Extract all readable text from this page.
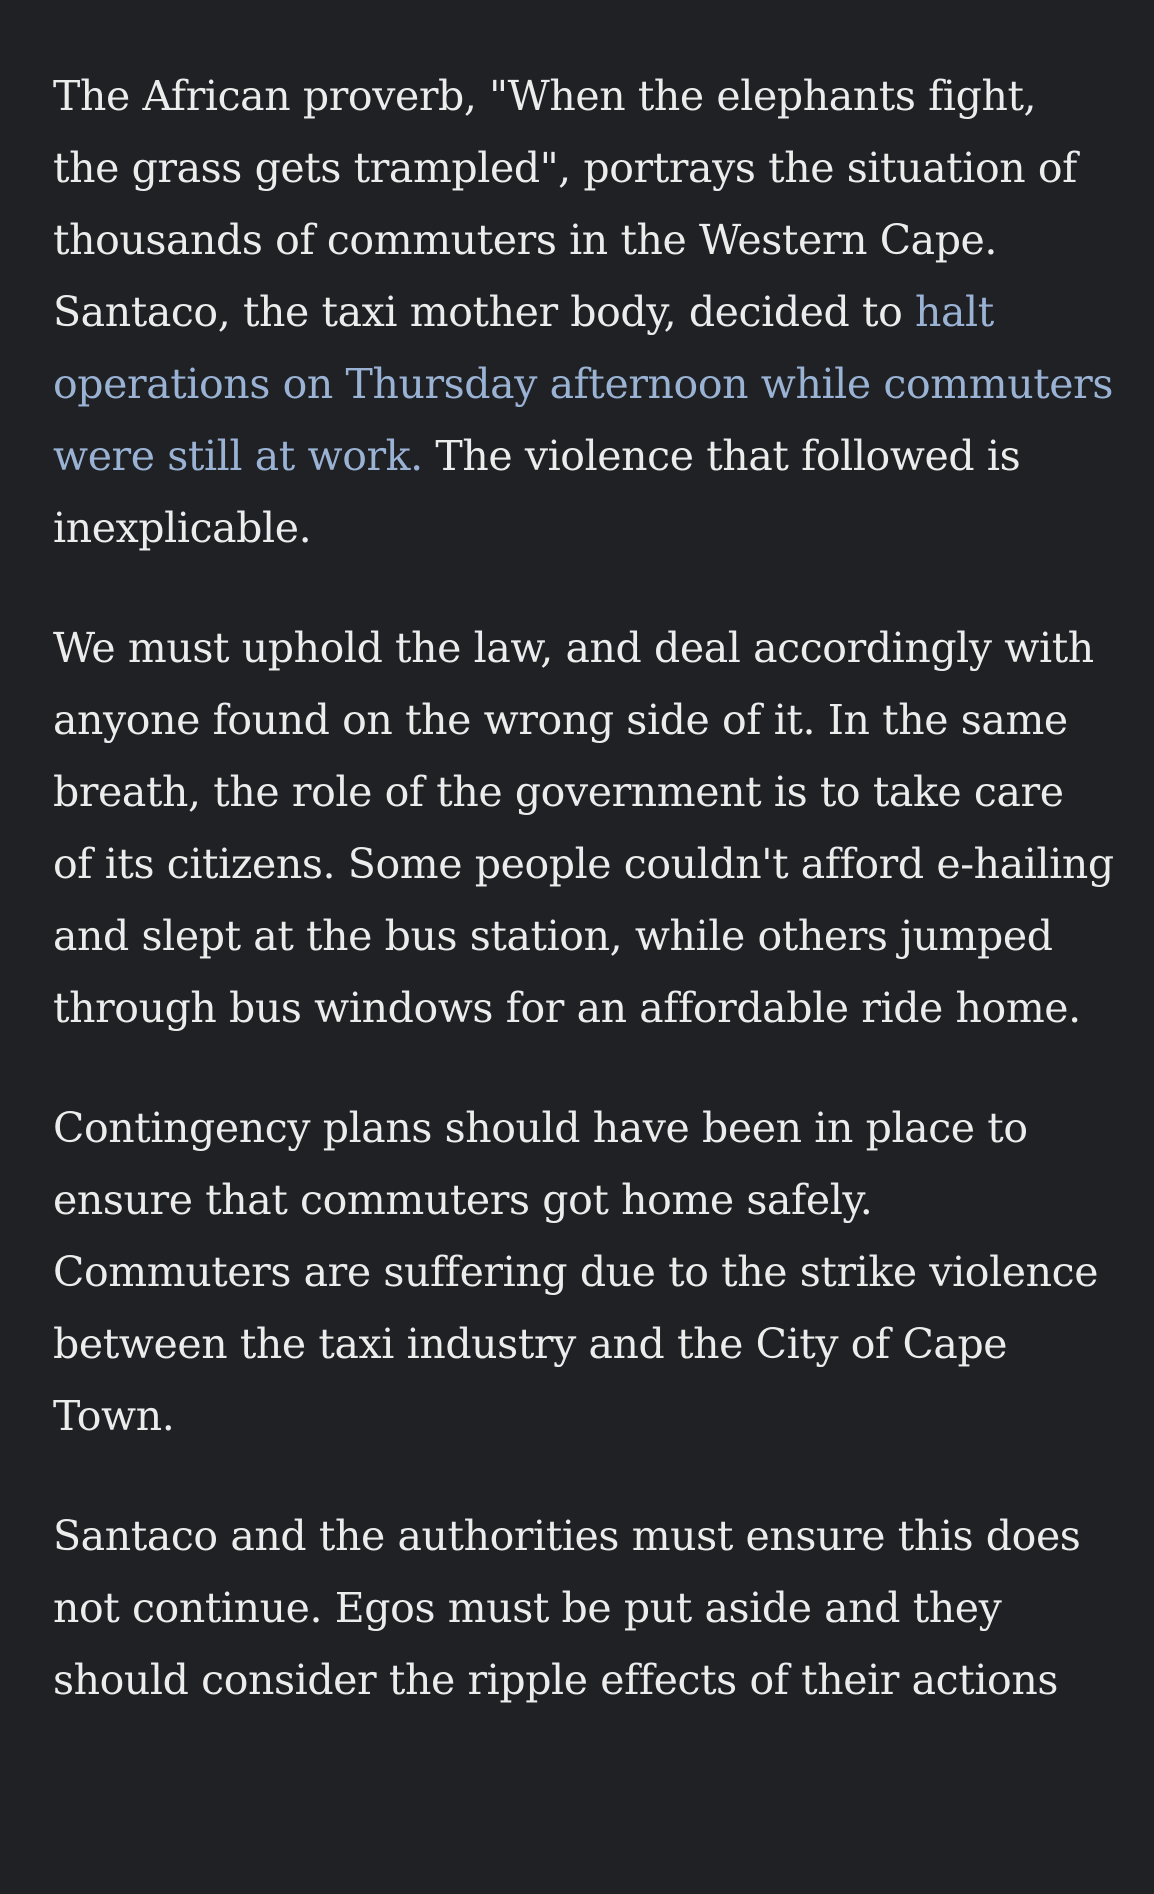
The African proverb, "When the elephants fight, the grass gets trampled", portrays the situation of thousands of commuters in the Western Cape. Santaco, the taxi mother body, decided to halt operations on Thursday afternoon while commuters were still at work. The violence that followed is inexplicable.

We must uphold the law, and deal accordingly with anyone found on the wrong side of it. In the same breath, the role of the government is to take care of its citizens. Some people couldn't afford e-hailing and slept at the bus station, while others jumped through bus windows for an affordable ride home.

Contingency plans should have been in place to ensure that commuters got home safely. Commuters are suffering due to the strike violence between the taxi industry and the City of Cape Town.

Santaco and the authorities must ensure this does not continue. Egos must be put aside and they should consider the ripple effects of their actions
